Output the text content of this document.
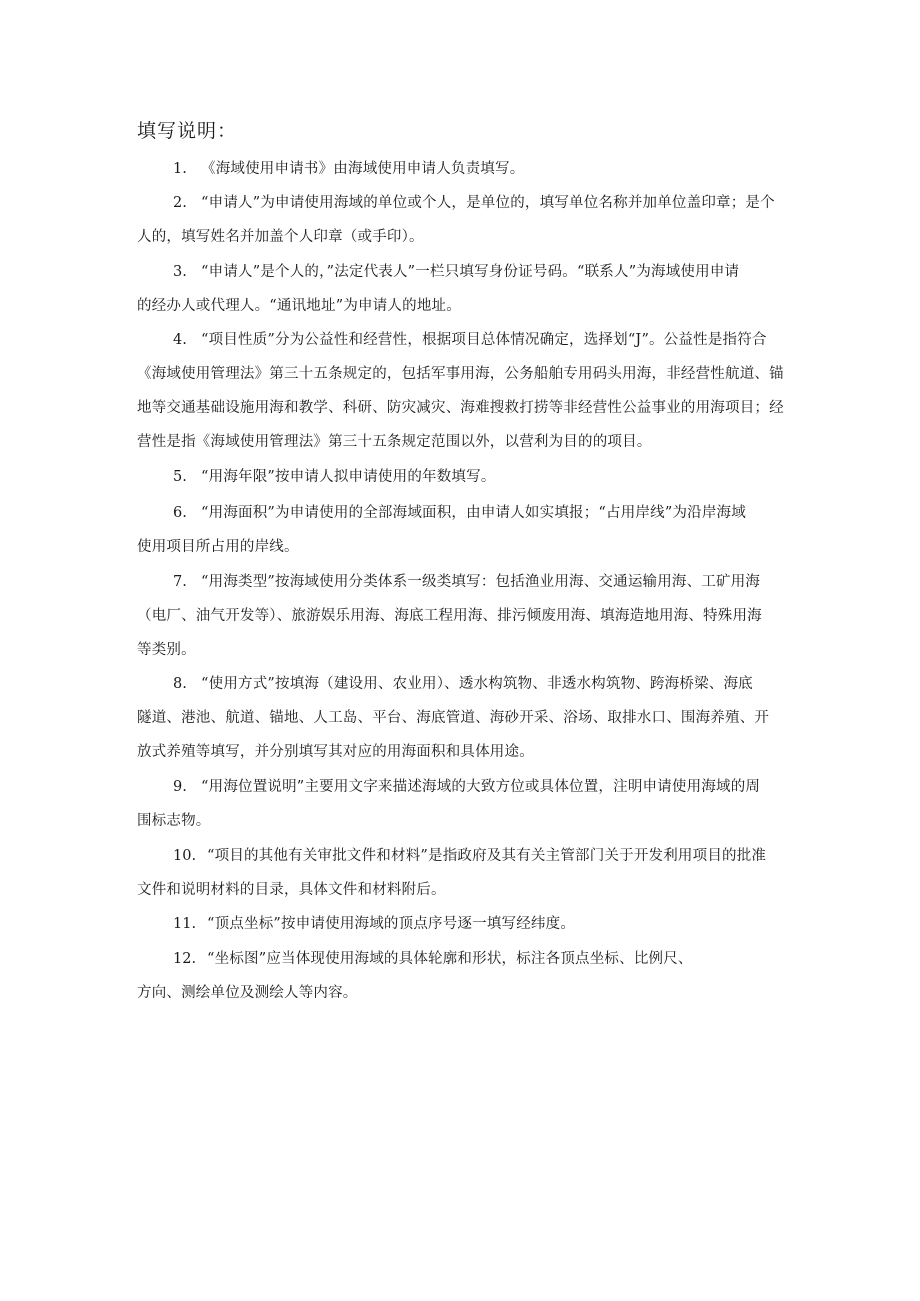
填写说明：
1. 《海域使用申请书》由海域使用申请人负责填写。
2. “申请人”为申请使用海域的单位或个人，是单位的，填写单位名称并加单位盖印章；是个
人的，填写姓名并加盖个人印章（或手印）。
3. “申请人”是个人的，”法定代表人”一栏只填写身份证号码。“联系人”为海域使用申请
的经办人或代理人。“通讯地址”为申请人的地址。
4. “项目性质”分为公益性和经营性，根据项目总体情况确定，选择划“J”。公益性是指符合
《海域使用管理法》第三十五条规定的，包括军事用海，公务船舶专用码头用海，非经营性航道、锚
地等交通基础设施用海和教学、科研、防灾减灾、海难搜救打捞等非经营性公益事业的用海项目；经
营性是指《海域使用管理法》第三十五条规定范围以外，以营利为目的的项目。
5. “用海年限”按申请人拟申请使用的年数填写。
6. “用海面积”为申请使用的全部海域面积，由申请人如实填报；“占用岸线”为沿岸海域
使用项目所占用的岸线。
7. “用海类型”按海域使用分类体系一级类填写：包括渔业用海、交通运输用海、工矿用海
（电厂、油气开发等）、旅游娱乐用海、海底工程用海、排污倾废用海、填海造地用海、特殊用海
等类别。
8. “使用方式”按填海（建设用、农业用）、透水构筑物、非透水构筑物、跨海桥梁、海底
隧道、港池、航道、锚地、人工岛、平台、海底管道、海砂开采、浴场、取排水口、围海养殖、开
放式养殖等填写，并分别填写其对应的用海面积和具体用途。
9. “用海位置说明”主要用文字来描述海域的大致方位或具体位置，注明申请使用海域的周
围标志物。
10. “项目的其他有关审批文件和材料”是指政府及其有关主管部门关于开发利用项目的批准
文件和说明材料的目录，具体文件和材料附后。
11. “顶点坐标”按申请使用海域的顶点序号逐一填写经纬度。
12. “坐标图”应当体现使用海域的具体轮廓和形状，标注各顶点坐标、比例尺、
方向、测绘单位及测绘人等内容。
